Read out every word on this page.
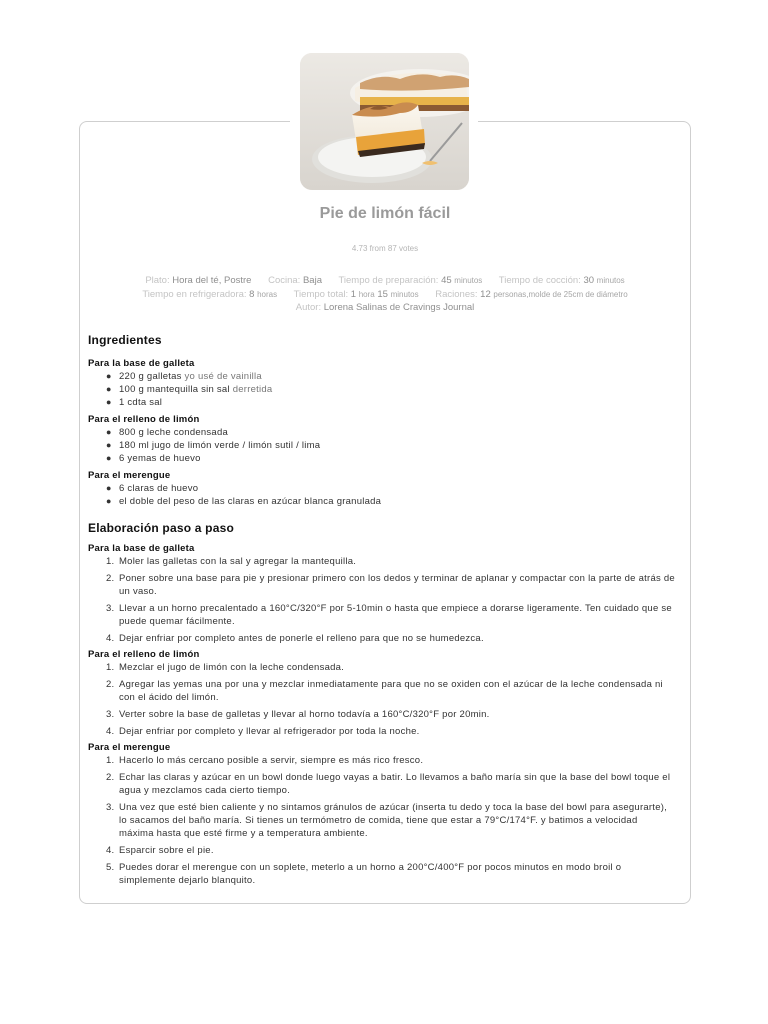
Pie de limón fácil
4.73 from 87 votes
Plato: Hora del té, Postre Cocina: Baja Tiempo de preparación: 45 minutos Tiempo de cocción: 30 minutos
Tiempo en refrigeradora: 8 horas Tiempo total: 1 hora 15 minutos Raciones: 12 personas,molde de 25cm de diámetro
Autor: Lorena Salinas de Cravings Journal
Ingredientes
Para la base de galleta
● 220 g galletas yo usé de vainilla
● 100 g mantequilla sin sal derretida
● 1 cdta sal
Para el relleno de limón
● 800 g leche condensada
● 180 ml jugo de limón verde / limón sutil / lima
● 6 yemas de huevo
Para el merengue
● 6 claras de huevo
● el doble del peso de las claras en azúcar blanca granulada
Elaboración paso a paso
Para la base de galleta
1. Moler las galletas con la sal y agregar la mantequilla.
2. Poner sobre una base para pie y presionar primero con los dedos y terminar de aplanar y compactar con la parte de atrás de un vaso.
3. Llevar a un horno precalentado a 160°C/320°F por 5-10min o hasta que empiece a dorarse ligeramente. Ten cuidado que se puede quemar fácilmente.
4. Dejar enfriar por completo antes de ponerle el relleno para que no se humedezca.
Para el relleno de limón
1. Mezclar el jugo de limón con la leche condensada.
2. Agregar las yemas una por una y mezclar inmediatamente para que no se oxiden con el azúcar de la leche condensada ni con el ácido del limón.
3. Verter sobre la base de galletas y llevar al horno todavía a 160°C/320°F por 20min.
4. Dejar enfriar por completo y llevar al refrigerador por toda la noche.
Para el merengue
1. Hacerlo lo más cercano posible a servir, siempre es más rico fresco.
2. Echar las claras y azúcar en un bowl donde luego vayas a batir. Lo llevamos a baño maría sin que la base del bowl toque el agua y mezclamos cada cierto tiempo.
3. Una vez que esté bien caliente y no sintamos gránulos de azúcar (inserta tu dedo y toca la base del bowl para asegurarte), lo sacamos del baño maría. Si tienes un termómetro de comida, tiene que estar a 79°C/174°F. y batimos a velocidad máxima hasta que esté firme y a temperatura ambiente.
4. Esparcir sobre el pie.
5. Puedes dorar el merengue con un soplete, meterlo a un horno a 200°C/400°F por pocos minutos en modo broil o simplemente dejarlo blanquito.
